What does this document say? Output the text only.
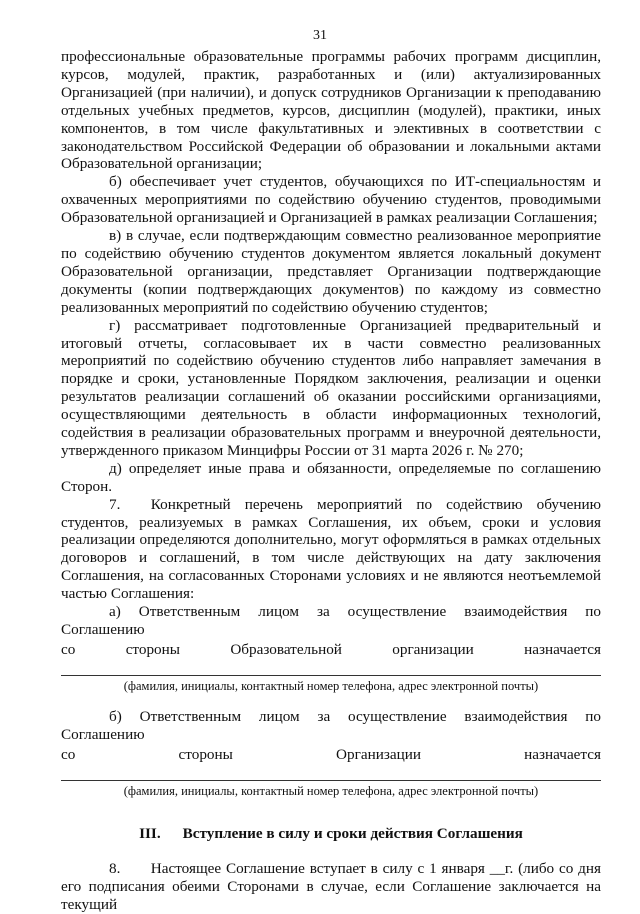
31

профессиональные образовательные программы рабочих программ дисциплин, курсов, модулей, практик, разработанных и (или) актуализированных Организацией (при наличии), и допуск сотрудников Организации к преподаванию отдельных учебных предметов, курсов, дисциплин (модулей), практики, иных компонентов, в том числе факультативных и элективных в соответствии с законодательством Российской Федерации об образовании и локальными актами Образовательной организации;

б) обеспечивает учет студентов, обучающихся по ИТ-специальностям и охваченных мероприятиями по содействию обучению студентов, проводимыми Образовательной организацией и Организацией в рамках реализации Соглашения;

в) в случае, если подтверждающим совместно реализованное мероприятие по содействию обучению студентов документом является локальный документ Образовательной организации, представляет Организации подтверждающие документы (копии подтверждающих документов) по каждому из совместно реализованных мероприятий по содействию обучению студентов;

г) рассматривает подготовленные Организацией предварительный и итоговый отчеты, согласовывает их в части совместно реализованных мероприятий по содействию обучению студентов либо направляет замечания в порядке и сроки, установленные Порядком заключения, реализации и оценки результатов реализации соглашений об оказании российскими организациями, осуществляющими деятельность в области информационных технологий, содействия в реализации образовательных программ и внеурочной деятельности, утвержденного приказом Минцифры России от 31 марта 2026 г. № 270;

д) определяет иные права и обязанности, определяемые по соглашению Сторон.

7.  Конкретный перечень мероприятий по содействию обучению студентов, реализуемых в рамках Соглашения, их объем, сроки и условия реализации определяются дополнительно, могут оформляться в рамках отдельных договоров и соглашений, в том числе действующих на дату заключения Соглашения, на согласованных Сторонами условиях и не являются неотъемлемой частью Соглашения:

а) Ответственным лицом за осуществление взаимодействия по Соглашению

со	стороны	Образовательной	организации	назначается

(фамилия, инициалы, контактный номер телефона, адрес электронной почты)

б) Ответственным лицом за осуществление взаимодействия по Соглашению

со	стороны	Организации	назначается

(фамилия, инициалы, контактный номер телефона, адрес электронной почты)

III. Вступление в силу и сроки действия Соглашения

8.  Настоящее Соглашение вступает в силу с 1 января __г. (либо со дня его подписания обеими Сторонами в случае, если Соглашение заключается на текущий
